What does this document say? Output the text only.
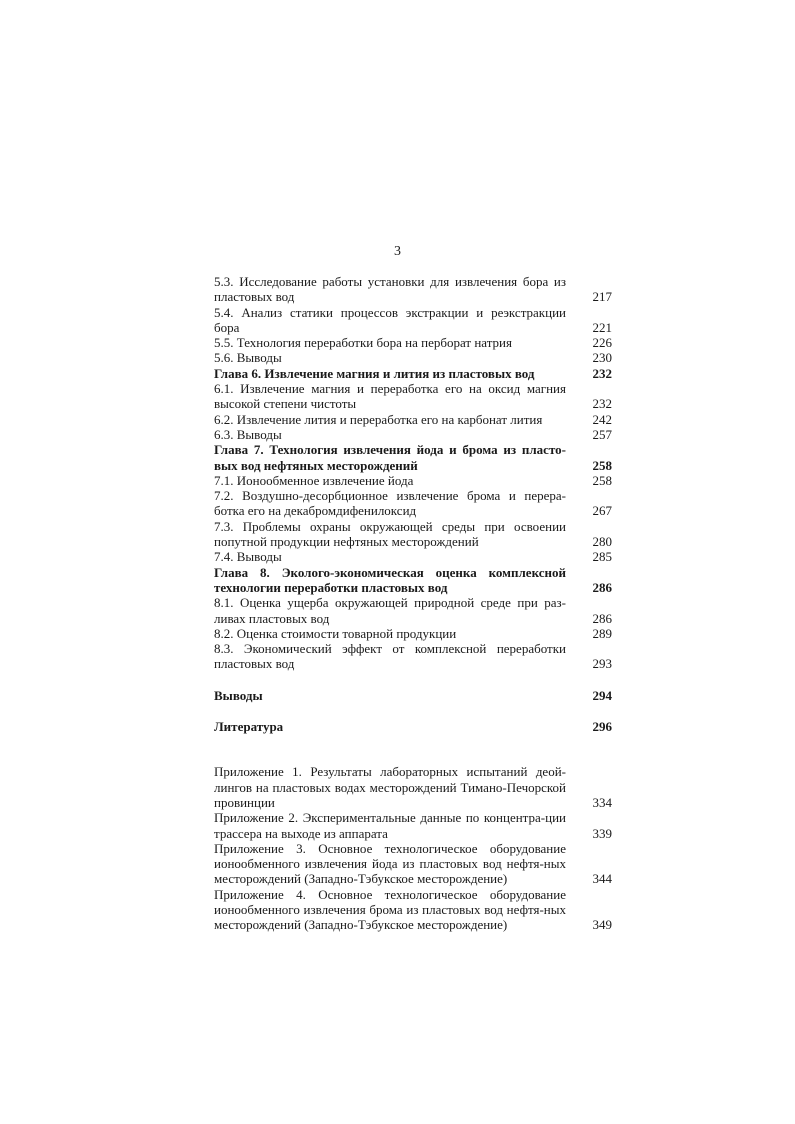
3
5.3. Исследование работы установки для извлечения бора из пластовых вод	217
5.4. Анализ статики процессов экстракции и реэкстракции бора	221
5.5. Технология переработки бора на перборат натрия	226
5.6. Выводы	230
Глава 6. Извлечение магния и лития из пластовых вод	232
6.1. Извлечение магния и переработка его на оксид магния высокой степени чистоты	232
6.2. Извлечение лития и переработка его на карбонат лития	242
6.3. Выводы	257
Глава 7. Технология извлечения йода и брома из пласто-вых вод нефтяных месторождений	258
7.1. Ионообменное извлечение йода	258
7.2. Воздушно-десорбционное извлечение брома и перера-ботка его на декабромдифенилоксид	267
7.3. Проблемы охраны окружающей среды при освоении попутной продукции нефтяных месторождений	280
7.4. Выводы	285
Глава 8. Эколого-экономическая оценка комплексной технологии переработки пластовых вод	286
8.1. Оценка ущерба окружающей природной среде при раз-ливах пластовых вод	286
8.2. Оценка стоимости товарной продукции	289
8.3. Экономический эффект от комплексной переработки пластовых вод	293
Выводы	294
Литература	296
Приложение 1. Результаты лабораторных испытаний деой-лингов на пластовых водах месторождений Тимано-Печорской провинции	334
Приложение 2. Экспериментальные данные по концентра-ции трассера на выходе из аппарата	339
Приложение 3. Основное технологическое оборудование ионообменного извлечения йода из пластовых вод нефтя-ных месторождений (Западно-Тэбукское месторождение)	344
Приложение 4. Основное технологическое оборудование ионообменного извлечения брома из пластовых вод нефтя-ных месторождений (Западно-Тэбукское месторождение)	349
